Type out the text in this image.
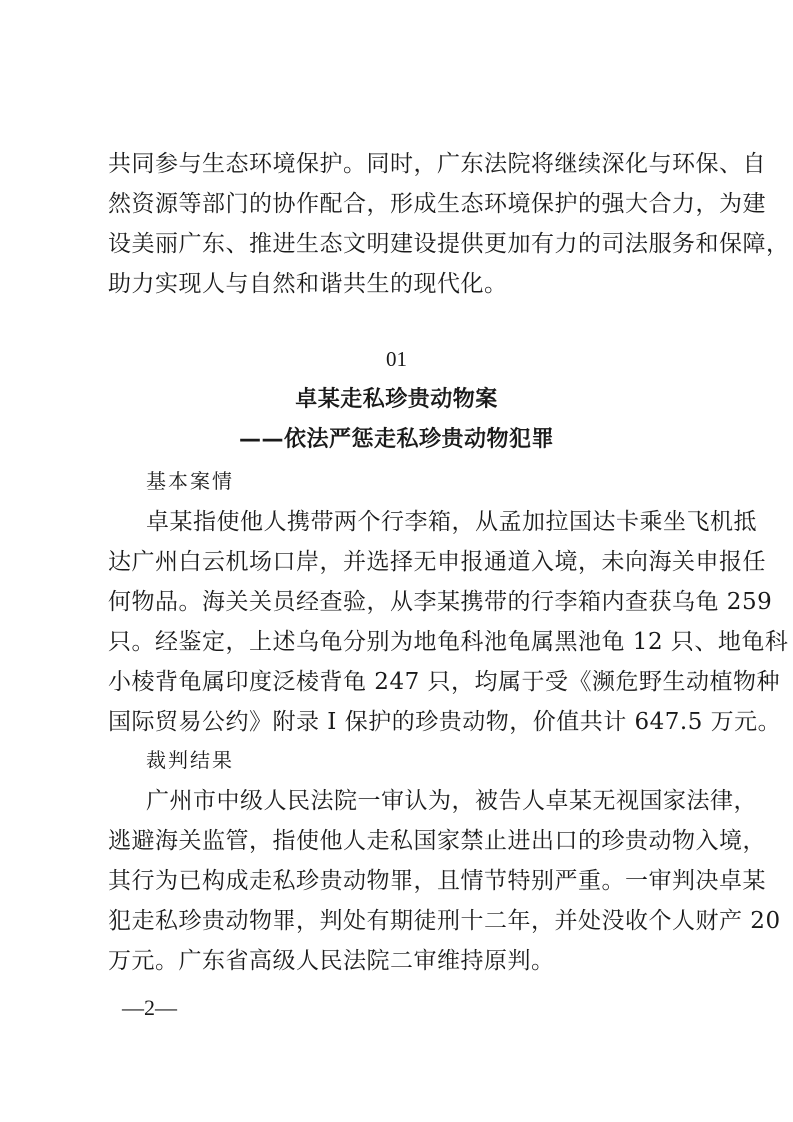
共同参与生态环境保护。同时，广东法院将继续深化与环保、自
然资源等部门的协作配合，形成生态环境保护的强大合力，为建
设美丽广东、推进生态文明建设提供更加有力的司法服务和保障，
助力实现人与自然和谐共生的现代化。
01
卓某走私珍贵动物案
——依法严惩走私珍贵动物犯罪
基本案情
卓某指使他人携带两个行李箱，从孟加拉国达卡乘坐飞机抵
达广州白云机场口岸，并选择无申报通道入境，未向海关申报任
何物品。海关关员经查验，从李某携带的行李箱内查获乌龟 259
只。经鉴定，上述乌龟分别为地龟科池龟属黑池龟 12 只、地龟科
小棱背龟属印度泛棱背龟 247 只，均属于受《濒危野生动植物种
国际贸易公约》附录 I 保护的珍贵动物，价值共计 647.5 万元。
裁判结果
广州市中级人民法院一审认为，被告人卓某无视国家法律，
逃避海关监管，指使他人走私国家禁止进出口的珍贵动物入境，
其行为已构成走私珍贵动物罪，且情节特别严重。一审判决卓某
犯走私珍贵动物罪，判处有期徒刑十二年，并处没收个人财产 20
万元。广东省高级人民法院二审维持原判。
—2—
